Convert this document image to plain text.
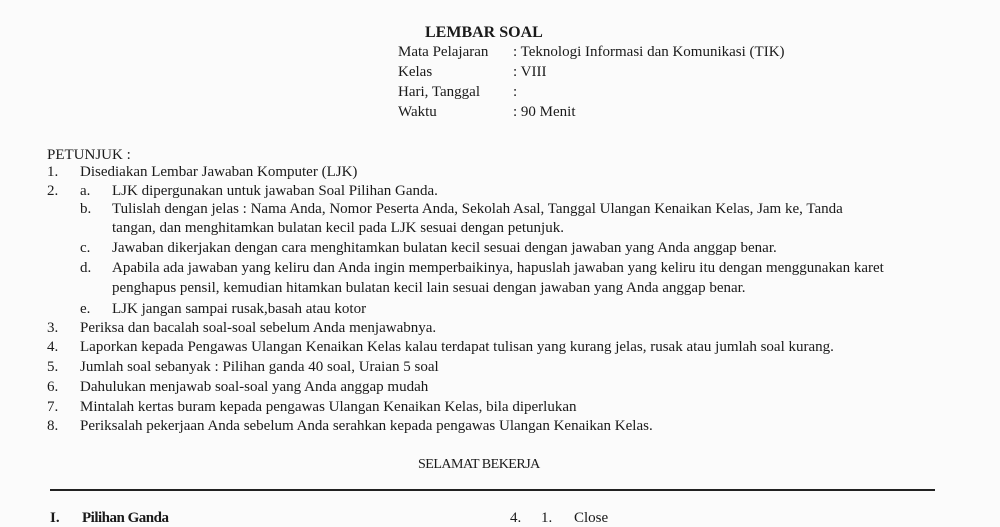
LEMBAR SOAL
Mata Pelajaran : Teknologi Informasi dan Komunikasi (TIK)
Kelas	: VIII
Hari, Tanggal :
Waktu	: 90 Menit
PETUNJUK :
1. Disediakan Lembar Jawaban Komputer (LJK)
2. a. LJK dipergunakan untuk jawaban Soal Pilihan Ganda.
b. Tulislah dengan jelas : Nama Anda, Nomor Peserta Anda, Sekolah Asal, Tanggal Ulangan Kenaikan Kelas, Jam ke, Tanda
tangan, dan menghitamkan bulatan kecil pada LJK sesuai dengan petunjuk.
c. Jawaban dikerjakan dengan cara menghitamkan bulatan kecil sesuai dengan jawaban yang Anda anggap benar.
d. Apabila ada jawaban yang keliru dan Anda ingin memperbaikinya, hapuslah jawaban yang keliru itu dengan menggunakan karet
penghapus pensil, kemudian hitamkan bulatan kecil lain sesuai dengan jawaban yang Anda anggap benar.
e. LJK jangan sampai rusak,basah atau kotor
3. Periksa dan bacalah soal-soal sebelum Anda menjawabnya.
4. Laporkan kepada Pengawas Ulangan Kenaikan Kelas kalau terdapat tulisan yang kurang jelas, rusak atau jumlah soal kurang.
5. Jumlah soal sebanyak : Pilihan ganda 40 soal, Uraian 5 soal
6. Dahulukan menjawab soal-soal yang Anda anggap mudah
7. Mintalah kertas buram kepada pengawas Ulangan Kenaikan Kelas, bila diperlukan
8. Periksalah pekerjaan Anda sebelum Anda serahkan kepada pengawas Ulangan Kenaikan Kelas.
SELAMAT BEKERJA
I. Pilihan Ganda	4. 1. Close
